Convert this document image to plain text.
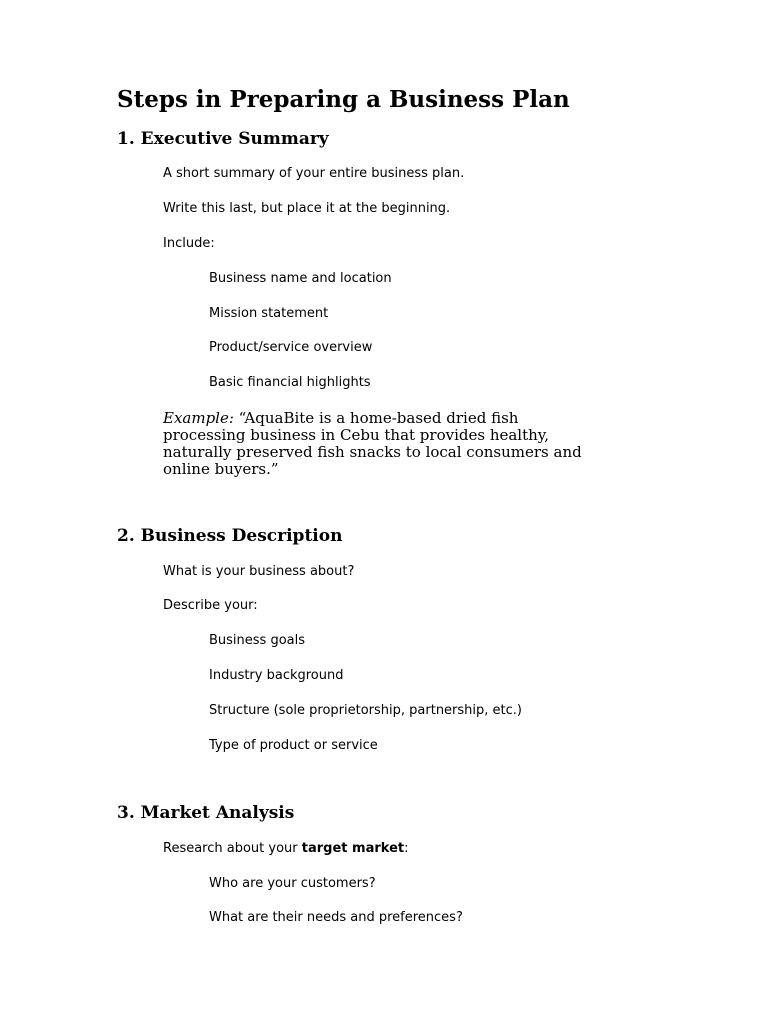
Steps in Preparing a Business Plan
1. Executive Summary
A short summary of your entire business plan.
Write this last, but place it at the beginning.
Include:
Business name and location
Mission statement
Product/service overview
Basic financial highlights
Example: “AquaBite is a home-based dried fish processing business in Cebu that provides healthy, naturally preserved fish snacks to local consumers and online buyers.”
2. Business Description
What is your business about?
Describe your:
Business goals
Industry background
Structure (sole proprietorship, partnership, etc.)
Type of product or service
3. Market Analysis
Research about your target market:
Who are your customers?
What are their needs and preferences?
